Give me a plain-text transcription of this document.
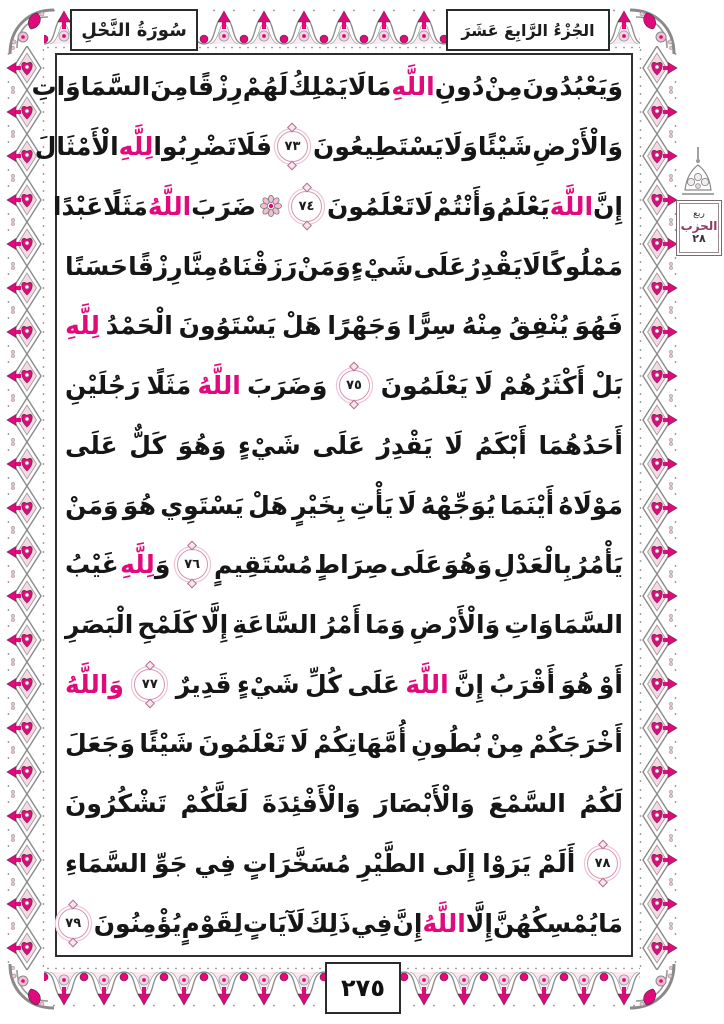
سُورَةُ النَّحْلِ	الجُزْءُ الرَّابِعَ عَشَرَ
وَيَعْبُدُونَ
مِنْ
دُونِ
اللَّهِ
مَا
لَا
يَمْلِكُ
لَهُمْ
رِزْقًا
مِنَ
السَّمَاوَاتِ
وَالْأَرْضِ
شَيْئًا
وَلَا
يَسْتَطِيعُونَ
٧٣
فَلَا
تَضْرِبُوا
لِلَّهِ
الْأَمْثَالَ
إِنَّ
اللَّهَ
يَعْلَمُ
وَأَنْتُمْ
لَا
تَعْلَمُونَ
٧٤
ضَرَبَ
اللَّهُ
مَثَلًا
عَبْدًا
مَمْلُوكًا
لَا
يَقْدِرُ
عَلَى
شَيْءٍ
وَمَنْ
رَزَقْنَاهُ
مِنَّا
رِزْقًا
حَسَنًا
فَهُوَ
يُنْفِقُ
مِنْهُ
سِرًّا
وَجَهْرًا
هَلْ
يَسْتَوُونَ
الْحَمْدُ
لِلَّهِ
بَلْ
أَكْثَرُهُمْ
لَا
يَعْلَمُونَ
٧٥
وَضَرَبَ
اللَّهُ
مَثَلًا
رَجُلَيْنِ
أَحَدُهُمَا
أَبْكَمُ
لَا
يَقْدِرُ
عَلَى
شَيْءٍ
وَهُوَ
كَلٌّ
عَلَى
مَوْلَاهُ
أَيْنَمَا
يُوَجِّهْهُ
لَا
يَأْتِ
بِخَيْرٍ
هَلْ
يَسْتَوِي
هُوَ
وَمَنْ
يَأْمُرُ
بِالْعَدْلِ
وَهُوَ
عَلَى
صِرَاطٍ
مُسْتَقِيمٍ
٧٦
وَلِلَّهِ
غَيْبُ
السَّمَاوَاتِ
وَالْأَرْضِ
وَمَا
أَمْرُ
السَّاعَةِ
إِلَّا
كَلَمْحِ
الْبَصَرِ
أَوْ
هُوَ
أَقْرَبُ
إِنَّ
اللَّهَ
عَلَى
كُلِّ
شَيْءٍ
قَدِيرٌ
٧٧
وَاللَّهُ
أَخْرَجَكُمْ
مِنْ
بُطُونِ
أُمَّهَاتِكُمْ
لَا
تَعْلَمُونَ
شَيْئًا
وَجَعَلَ
لَكُمُ
السَّمْعَ
وَالْأَبْصَارَ
وَالْأَفْئِدَةَ
لَعَلَّكُمْ
تَشْكُرُونَ
٧٨
أَلَمْ
يَرَوْا
إِلَى
الطَّيْرِ
مُسَخَّرَاتٍ
فِي
جَوِّ
السَّمَاءِ
مَا
يُمْسِكُهُنَّ
إِلَّا
اللَّهُ
إِنَّ
فِي
ذَلِكَ
لَآيَاتٍ
لِقَوْمٍ
يُؤْمِنُونَ
٧٩
ربع
الحزب
٢٨
٢٧٥
